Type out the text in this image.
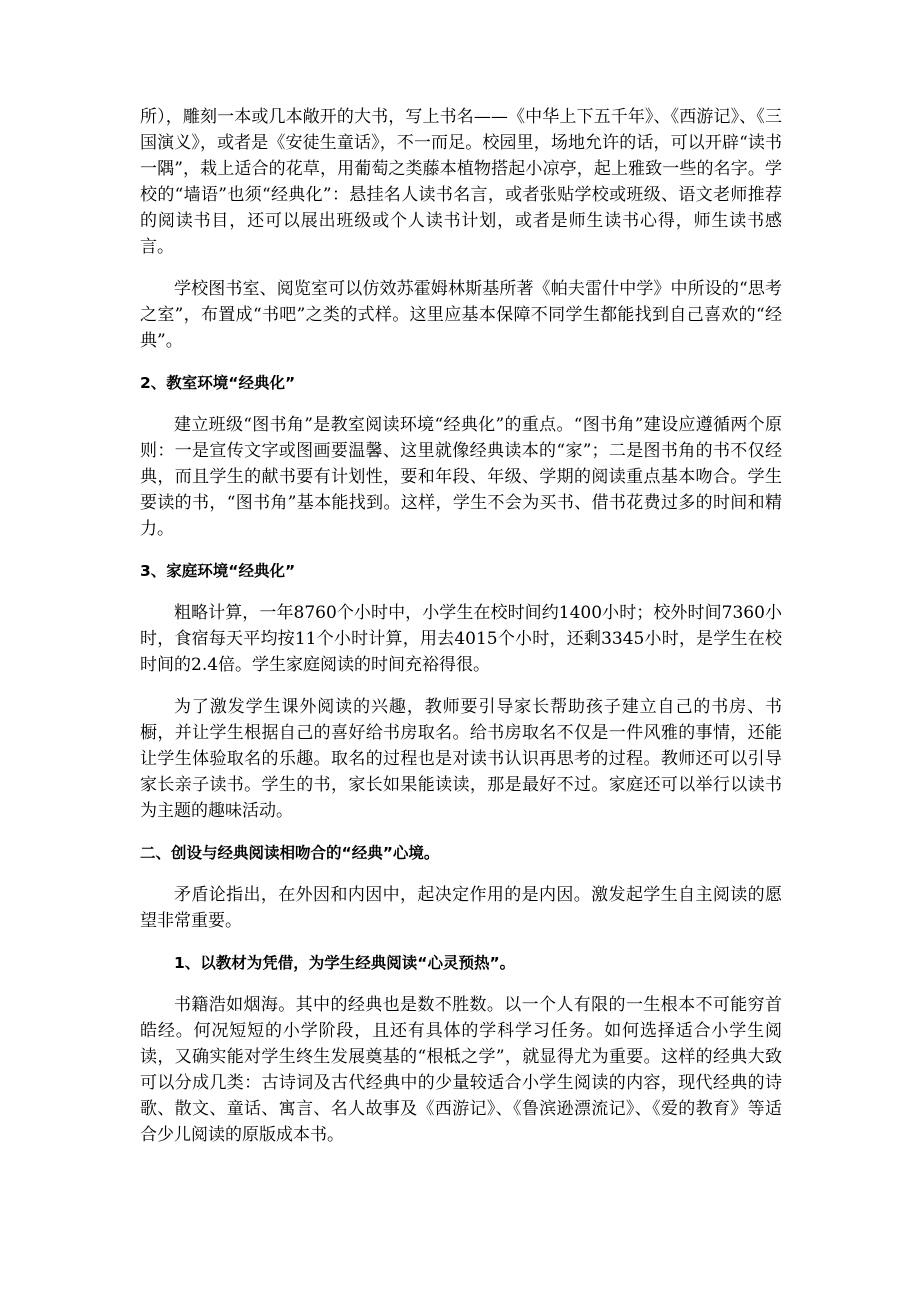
所），雕刻一本或几本敞开的大书，写上书名——《中华上下五千年》、《西游记》、《三国演义》，或者是《安徒生童话》，不一而足。校园里，场地允许的话，可以开辟“读书一隅”，栽上适合的花草，用葡萄之类藤本植物搭起小凉亭，起上雅致一些的名字。学校的“墙语”也须“经典化”：悬挂名人读书名言，或者张贴学校或班级、语文老师推荐的阅读书目，还可以展出班级或个人读书计划，或者是师生读书心得，师生读书感言。

学校图书室、阅览室可以仿效苏霍姆林斯基所著《帕夫雷什中学》中所设的“思考之室”，布置成“书吧”之类的式样。这里应基本保障不同学生都能找到自己喜欢的“经典”。

2、教室环境“经典化”

建立班级“图书角”是教室阅读环境“经典化”的重点。“图书角”建设应遵循两个原则：一是宣传文字或图画要温馨、这里就像经典读本的“家”；二是图书角的书不仅经典，而且学生的献书要有计划性，要和年段、年级、学期的阅读重点基本吻合。学生要读的书，“图书角”基本能找到。这样，学生不会为买书、借书花费过多的时间和精力。

3、家庭环境“经典化”

粗略计算，一年8760个小时中，小学生在校时间约1400小时；校外时间7360小时，食宿每天平均按11个小时计算，用去4015个小时，还剩3345小时，是学生在校时间的2.4倍。学生家庭阅读的时间充裕得很。

为了激发学生课外阅读的兴趣，教师要引导家长帮助孩子建立自己的书房、书橱，并让学生根据自己的喜好给书房取名。给书房取名不仅是一件风雅的事情，还能让学生体验取名的乐趣。取名的过程也是对读书认识再思考的过程。教师还可以引导家长亲子读书。学生的书，家长如果能读读，那是最好不过。家庭还可以举行以读书为主题的趣味活动。

二、创设与经典阅读相吻合的“经典”心境。

矛盾论指出，在外因和内因中，起决定作用的是内因。激发起学生自主阅读的愿望非常重要。

1、以教材为凭借，为学生经典阅读“心灵预热”。

书籍浩如烟海。其中的经典也是数不胜数。以一个人有限的一生根本不可能穷首皓经。何况短短的小学阶段，且还有具体的学科学习任务。如何选择适合小学生阅读，又确实能对学生终生发展奠基的“根柢之学”，就显得尤为重要。这样的经典大致可以分成几类：古诗词及古代经典中的少量较适合小学生阅读的内容，现代经典的诗歌、散文、童话、寓言、名人故事及《西游记》、《鲁滨逊漂流记》、《爱的教育》等适合少儿阅读的原版成本书。
